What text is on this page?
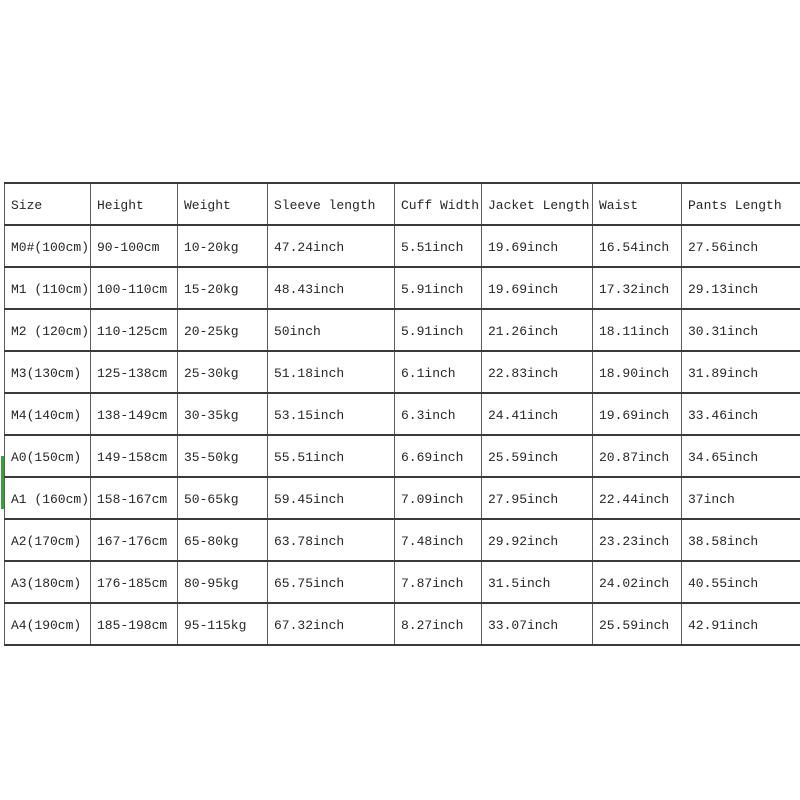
Size	Height	Weight	Sleeve length	Cuff Width	Jacket Length	Waist	Pants Length
M0#(100cm)	90-100cm	10-20kg	47.24inch	5.51inch	19.69inch	16.54inch	27.56inch
M1 (110cm)	100-110cm	15-20kg	48.43inch	5.91inch	19.69inch	17.32inch	29.13inch
M2 (120cm)	110-125cm	20-25kg	50inch	5.91inch	21.26inch	18.11inch	30.31inch
M3(130cm)	125-138cm	25-30kg	51.18inch	6.1inch	22.83inch	18.90inch	31.89inch
M4(140cm)	138-149cm	30-35kg	53.15inch	6.3inch	24.41inch	19.69inch	33.46inch
A0(150cm)	149-158cm	35-50kg	55.51inch	6.69inch	25.59inch	20.87inch	34.65inch
A1 (160cm)	158-167cm	50-65kg	59.45inch	7.09inch	27.95inch	22.44inch	37inch
A2(170cm)	167-176cm	65-80kg	63.78inch	7.48inch	29.92inch	23.23inch	38.58inch
A3(180cm)	176-185cm	80-95kg	65.75inch	7.87inch	31.5inch	24.02inch	40.55inch
A4(190cm)	185-198cm	95-115kg	67.32inch	8.27inch	33.07inch	25.59inch	42.91inch
